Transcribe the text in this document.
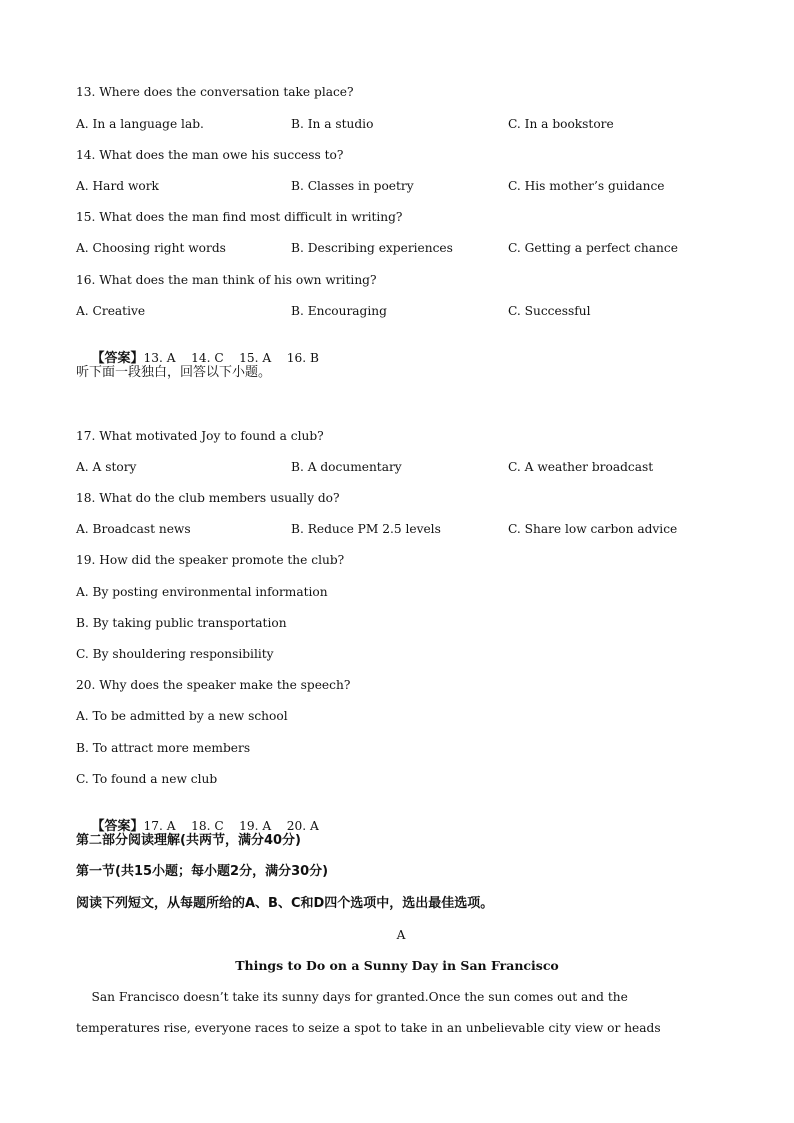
13. Where does the conversation take place?

A. In a language lab.

	B. In a studio

	C. In a bookstore

14. What does the man owe his success to?

A. Hard work

	B. Classes in poetry

	C. His mother’s guidance

15. What does the man find most difficult in writing?

A. Choosing right words

	B. Describing experiences

	C. Getting a perfect chance

16. What does the man think of his own writing?

A. Creative

	B. Encouraging

	C. Successful

【答案】13. A    14. C    15. A    16. B

听下面一段独白，回答以下小题。
17. What motivated Joy to found a club?

A. A story

	B. A documentary

	C. A weather broadcast

18. What do the club members usually do?

A. Broadcast news

	B. Reduce PM 2.5 levels

	C. Share low carbon advice

19. How did the speaker promote the club?
A. By posting environmental information
B. By taking public transportation
C. By shouldering responsibility
20. Why does the speaker make the speech?
A. To be admitted by a new school
B. To attract more members
C. To found a new club

【答案】17. A    18. C    19. A    20. A

第二部分阅读理解(共两节，满分40分)
第一节(共15小题；每小题2分，满分30分)
阅读下列短文，从每题所给的A、B、C和D四个选项中，选出最佳选项。
A
Things to Do on a Sunny Day in San Francisco
San Francisco doesn’t take its sunny days for granted.Once the sun comes out and the
temperatures rise, everyone races to seize a spot to take in an unbelievable city view or heads
